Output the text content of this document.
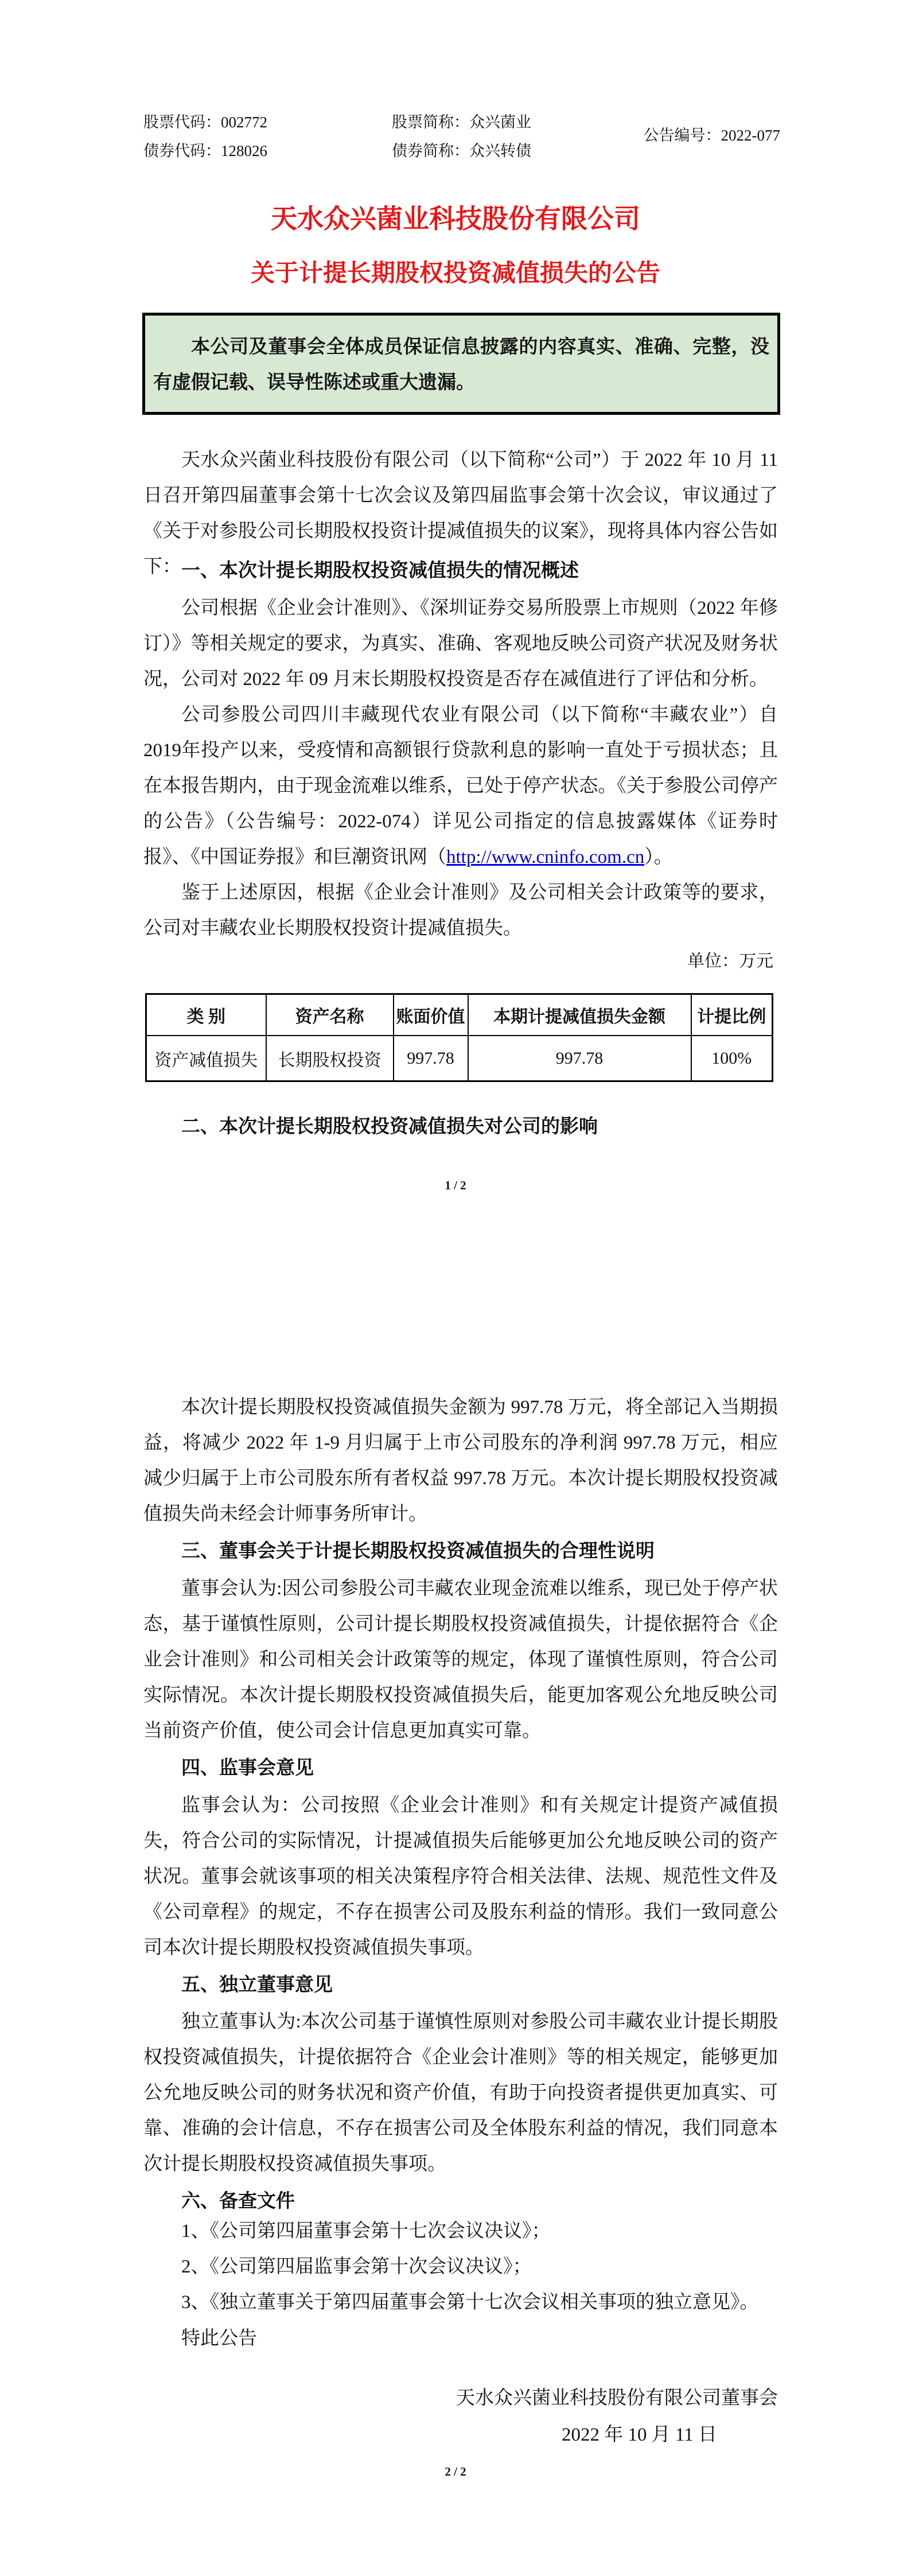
股票代码：002772	股票简称：众兴菌业
债券代码：128026	债券简称：众兴转债
公告编号：2022-077
天水众兴菌业科技股份有限公司
关于计提长期股权投资减值损失的公告

本公司及董事会全体成员保证信息披露的内容真实、准确、完整，没有虚假记载、误导性陈述或重大遗漏。

天水众兴菌业科技股份有限公司（以下简称“公司”）于 2022 年 10 月 11 日召开第四届董事会第十七次会议及第四届监事会第十次会议，审议通过了《关于对参股公司长期股权投资计提减值损失的议案》，现将具体内容公告如下： 一、本次计提长期股权投资减值损失的情况概述

公司根据《企业会计准则》、《深圳证券交易所股票上市规则（2022 年修订）》等相关规定的要求，为真实、准确、客观地反映公司资产状况及财务状况，公司对 2022 年 09 月末长期股权投资是否存在减值进行了评估和分析。

公司参股公司四川丰藏现代农业有限公司（以下简称“丰藏农业”）自2019年投产以来，受疫情和高额银行贷款利息的影响一直处于亏损状态；且在本报告期内，由于现金流难以维系，已处于停产状态。《关于参股公司停产的公告》（公告编号：2022-074）详见公司指定的信息披露媒体《证券时报》、《中国证券报》和巨潮资讯网（http://www.cninfo.com.cn）。

鉴于上述原因，根据《企业会计准则》及公司相关会计政策等的要求，公司对丰藏农业长期股权投资计提减值损失。

单位：万元
类 别	资产名称	账面价值	本期计提减值损失金额	计提比例
资产减值损失	长期股权投资	997.78	997.78	100%
二、本次计提长期股权投资减值损失对公司的影响
1 / 2

本次计提长期股权投资减值损失金额为 997.78 万元，将全部记入当期损益，将减少 2022 年 1-9 月归属于上市公司股东的净利润 997.78 万元，相应减少归属于上市公司股东所有者权益 997.78 万元。本次计提长期股权投资减值损失尚未经会计师事务所审计。

三、董事会关于计提长期股权投资减值损失的合理性说明

董事会认为:因公司参股公司丰藏农业现金流难以维系，现已处于停产状态，基于谨慎性原则，公司计提长期股权投资减值损失，计提依据符合《企业会计准则》和公司相关会计政策等的规定，体现了谨慎性原则，符合公司实际情况。本次计提长期股权投资减值损失后，能更加客观公允地反映公司当前资产价值，使公司会计信息更加真实可靠。

四、监事会意见

监事会认为：公司按照《企业会计准则》和有关规定计提资产减值损失，符合公司的实际情况，计提减值损失后能够更加公允地反映公司的资产状况。董事会就该事项的相关决策程序符合相关法律、法规、规范性文件及《公司章程》的规定，不存在损害公司及股东利益的情形。我们一致同意公司本次计提长期股权投资减值损失事项。

五、独立董事意见

独立董事认为:本次公司基于谨慎性原则对参股公司丰藏农业计提长期股权投资减值损失，计提依据符合《企业会计准则》等的相关规定，能够更加公允地反映公司的财务状况和资产价值，有助于向投资者提供更加真实、可靠、准确的会计信息，不存在损害公司及全体股东利益的情况，我们同意本次计提长期股权投资减值损失事项。

六、备查文件
1、《公司第四届董事会第十七次会议决议》；
2、《公司第四届监事会第十次会议决议》；
3、《独立董事关于第四届董事会第十七次会议相关事项的独立意见》。
特此公告
天水众兴菌业科技股份有限公司董事会
2022 年 10 月 11 日
2 / 2
